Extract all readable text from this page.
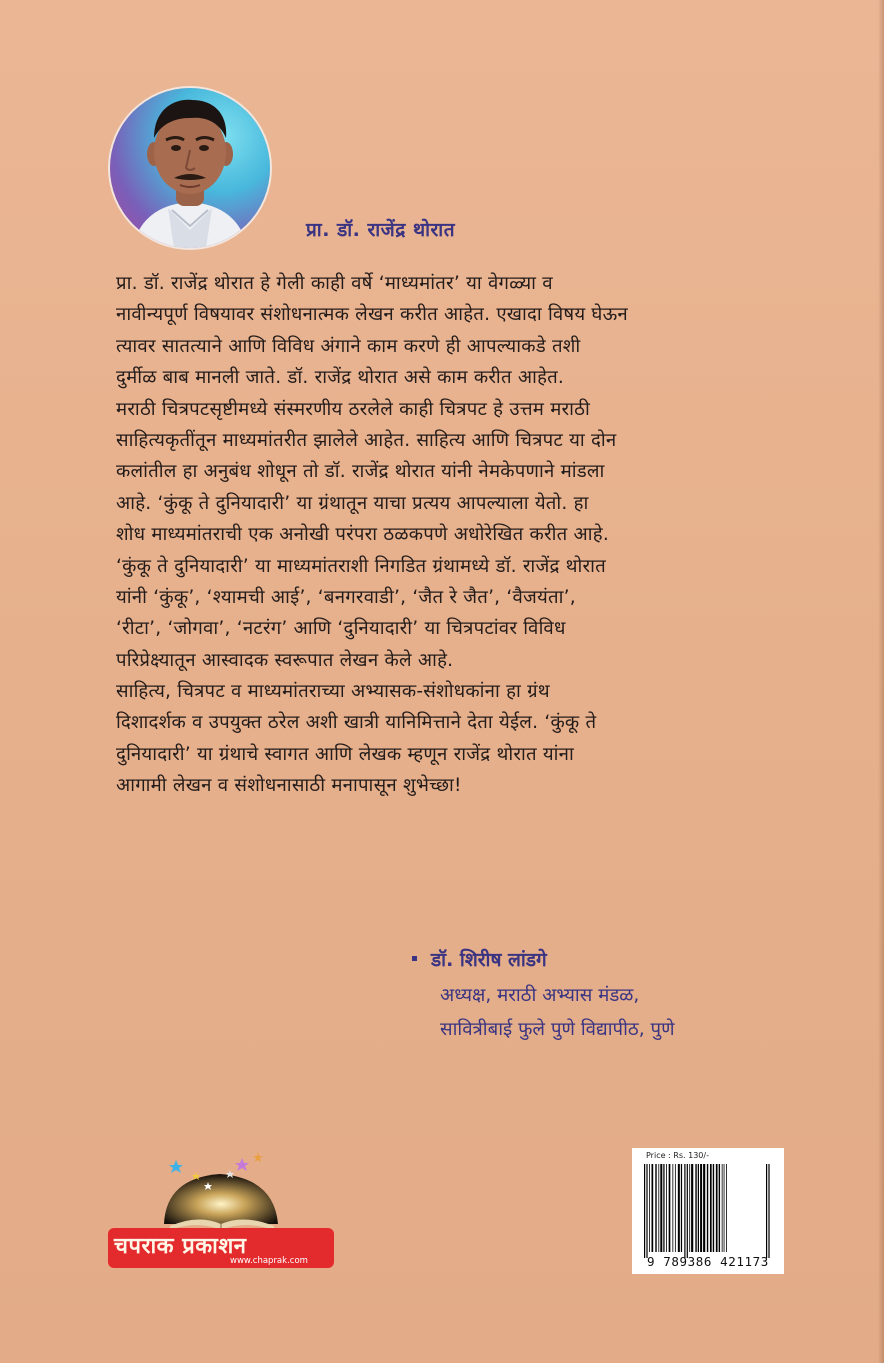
प्रा. डॉ. राजेंद्र थोरात
प्रा. डॉ. राजेंद्र थोरात हे गेली काही वर्षे ‘माध्यमांतर’ या वेगळ्या व
नावीन्यपूर्ण विषयावर संशोधनात्मक लेखन करीत आहेत. एखादा विषय घेऊन
त्यावर सातत्याने आणि विविध अंगाने काम करणे ही आपल्याकडे तशी
दुर्मीळ बाब मानली जाते. डॉ. राजेंद्र थोरात असे काम करीत आहेत.
मराठी चित्रपटसृष्टीमध्ये संस्मरणीय ठरलेले काही चित्रपट हे उत्तम मराठी
साहित्यकृतींतून माध्यमांतरीत झालेले आहेत. साहित्य आणि चित्रपट या दोन
कलांतील हा अनुबंध शोधून तो डॉ. राजेंद्र थोरात यांनी नेमकेपणाने मांडला
आहे. ‘कुंकू ते दुनियादारी’ या ग्रंथातून याचा प्रत्यय आपल्याला येतो. हा
शोध माध्यमांतराची एक अनोखी परंपरा ठळकपणे अधोरेखित करीत आहे.
‘कुंकू ते दुनियादारी’ या माध्यमांतराशी निगडित ग्रंथामध्ये डॉ. राजेंद्र थोरात
यांनी ‘कुंकू’, ‘श्यामची आई’, ‘बनगरवाडी’, ‘जैत रे जैत’, ‘वैजयंता’,
‘रीटा’, ‘जोगवा’, ‘नटरंग’ आणि ‘दुनियादारी’ या चित्रपटांवर विविध
परिप्रेक्ष्यातून आस्वादक स्वरूपात लेखन केले आहे.
साहित्य, चित्रपट व माध्यमांतराच्या अभ्यासक-संशोधकांना हा ग्रंथ
दिशादर्शक व उपयुक्त ठरेल अशी खात्री यानिमित्ताने देता येईल. ‘कुंकू ते
दुनियादारी’ या ग्रंथाचे स्वागत आणि लेखक म्हणून राजेंद्र थोरात यांना
आगामी लेखन व संशोधनासाठी मनापासून शुभेच्छा!
डॉ. शिरीष लांडगे
अध्यक्ष, मराठी अभ्यास मंडळ,
सावित्रीबाई फुले पुणे विद्यापीठ, पुणे
चपराक प्रकाशन
www.chaprak.com
Price : Rs. 130/-
9 789386 421173
